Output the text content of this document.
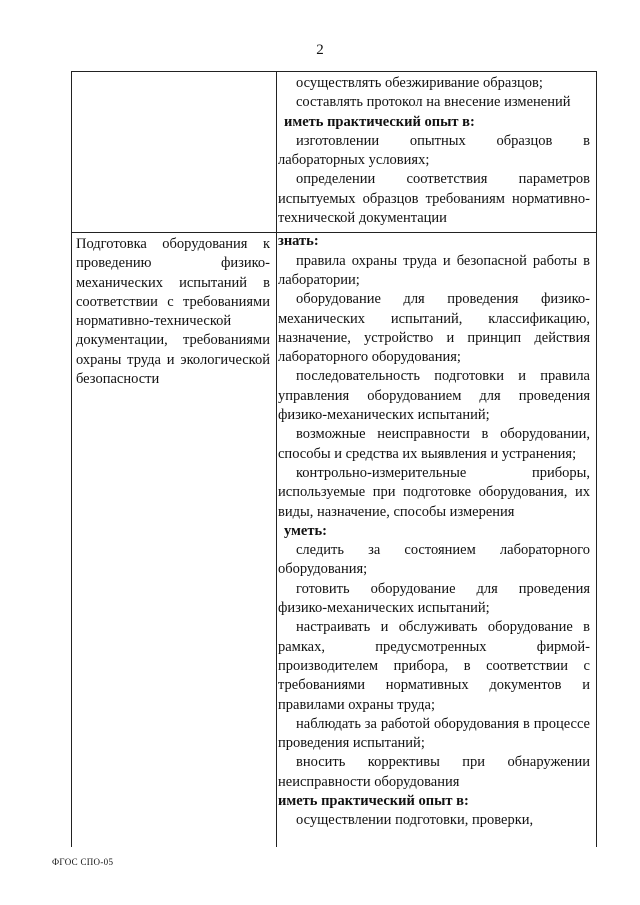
2
Подготовка оборудования к проведению физико-механических испытаний в соответствии с требованиями нормативно-технической документации, требованиями охраны труда и экологической безопасности
осуществлять обезжиривание образцов;
составлять протокол на внесение изменений
иметь практический опыт в:
изготовлении опытных образцов в лабораторных условиях;
определении соответствия параметров испытуемых образцов требованиям нормативно-технической документации
знать:
правила охраны труда и безопасной работы в лаборатории;
оборудование для проведения физико-механических испытаний, классификацию, назначение, устройство и принцип действия лабораторного оборудования;
последовательность подготовки и правила управления оборудованием для проведения физико-механических испытаний;
возможные неисправности в оборудовании, способы и средства их выявления и устранения;
контрольно-измерительные приборы, используемые при подготовке оборудования, их виды, назначение, способы измерения
уметь:
следить за состоянием лабораторного оборудования;
готовить оборудование для проведения физико-механических испытаний;
настраивать и обслуживать оборудование в рамках, предусмотренных фирмой-производителем прибора, в соответствии с требованиями нормативных документов и правилами охраны труда;
наблюдать за работой оборудования в процессе проведения испытаний;
вносить коррективы при обнаружении неисправности оборудования
иметь практический опыт в:
осуществлении подготовки, проверки,
ФГОС СПО-05
